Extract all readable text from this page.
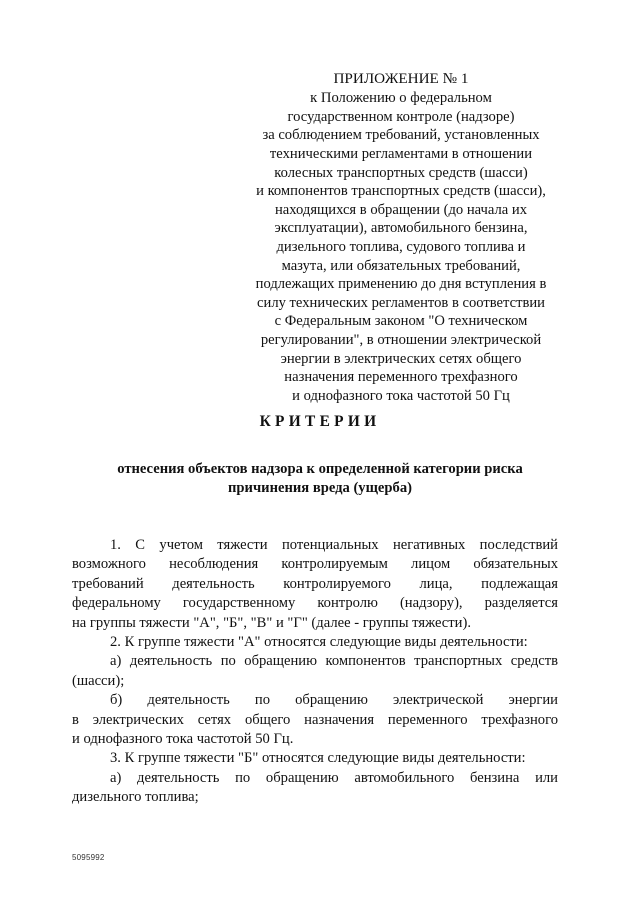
ПРИЛОЖЕНИЕ № 1
к Положению о федеральном
государственном контроле (надзоре)
за соблюдением требований, установленных
техническими регламентами в отношении
колесных транспортных средств (шасси)
и компонентов транспортных средств (шасси),
находящихся в обращении (до начала их
эксплуатации), автомобильного бензина,
дизельного топлива, судового топлива и
мазута, или обязательных требований,
подлежащих применению до дня вступления в
силу технических регламентов в соответствии
с Федеральным законом "О техническом
регулировании", в отношении электрической
энергии в электрических сетях общего
назначения переменного трехфазного
и однофазного тока частотой 50 Гц
КРИТЕРИИ
отнесения объектов надзора к определенной категории риска
причинения вреда (ущерба)
1. С учетом тяжести потенциальных негативных последствий
возможного несоблюдения контролируемым лицом обязательных
требований деятельность контролируемого лица, подлежащая
федеральному государственному контролю (надзору), разделяется
на группы тяжести "А", "Б", "В" и "Г" (далее - группы тяжести).
2. К группе тяжести "А" относятся следующие виды деятельности:
а) деятельность по обращению компонентов транспортных средств
(шасси);
б) деятельность по обращению электрической энергии
в электрических сетях общего назначения переменного трехфазного
и однофазного тока частотой 50 Гц.
3. К группе тяжести "Б" относятся следующие виды деятельности:
а) деятельность по обращению автомобильного бензина или
дизельного топлива;
5095992
